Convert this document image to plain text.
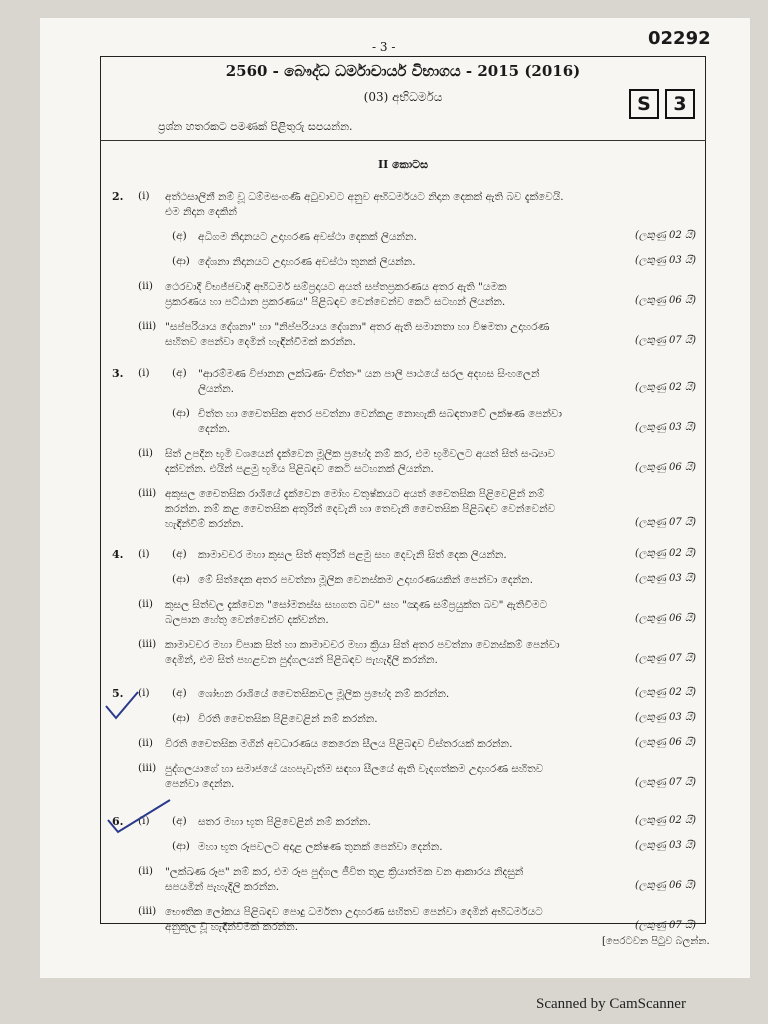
- 3 -	02292
2560 - බෞද්ධ ධර්මාචාර්ය විභාගය - 2015 (2016)
(03) අභිධර්මය	S	3
ප්‍රශ්න හතරකට පමණක් පිළිතුරු සපයන්න.
II කොටස
2. (i) අත්ථසාලිනී නම් වූ ධම්මසංගණී අටුවාවට අනුව අභිධර්මයට නිදාන දෙකක් ඇති බව දැක්වෙයි.
එම නිදාන දෙකින්
(අ) අධිගම නිදානයට උදාහරණ අවස්ථා දෙකක් ලියන්න.	(ලකුණු 02 යි)
(ආ) දේශනා නිදානයට උදාහරණ අවස්ථා තුනක් ලියන්න.	(ලකුණු 03 යි)
(ii) ථෙරවාදී විභජ්ජවාදී අභිධර්ම සම්ප්‍රදායට අයත් සප්තප්‍රකරණය අතර ඇති "යමක
ප්‍රකරණය හා පට්ඨාන ප්‍රකරණය" පිළිබඳව වෙන්වෙන්ව කෙටි සටහන් ලියන්න.	(ලකුණු 06 යි)
(iii) "සප්පරියාය දේශනා" හා "නිප්පරියාය දේශනා" අතර ඇති සමානතා හා විෂමතා උදාහරණ
සහිතව පෙන්වා දෙමින් හැඳින්වීමක් කරන්න.	(ලකුණු 07 යි)
3. (i) (අ) "ආරම්මණ විජානන ලක්ඛණං චිත්තං" යන පාලි පාඨයේ සරල අදහස සිංහලෙන්
ලියන්න.	(ලකුණු 02 යි)
(ආ) චිත්ත හා චෛතසික අතර පවත්නා වෙන්කළ නොහැකි සබඳතාවේ ලක්ෂණ පෙන්වා
දෙන්න.	(ලකුණු 03 යි)
(ii) සිත් උපදින භූමි වශයෙන් දැක්වෙන මූලික ප්‍රභේද නම් කර, එම භූමිවලට අයත් සිත් සංඛ්‍යාව
දක්වන්න. එයින් පළමු භූමිය පිළිබඳව කෙටි සටහනක් ලියන්න.	(ලකුණු 06 යි)
(iii) අකුසල චෛතසික රාශියේ දැක්වෙන මෝහ චතුෂ්කයට අයත් චෛතසික පිළිවෙළින් නම්
කරන්න. නම් කළ චෛතසික අතුරින් දෙවැනි හා තෙවැනි චෛතසික පිළිබඳව වෙන්වෙන්ව
හැඳින්වීම් කරන්න.	(ලකුණු 07 යි)
4. (i) (අ) කාමාවචර මහා කුසල සිත් අතුරින් පළමු සහ දෙවැනි සිත් දෙක ලියන්න.	(ලකුණු 02 යි)
(ආ) මේ සිත්දෙක අතර පවත්නා මූලික වෙනස්කම උදාහරණයකින් පෙන්වා දෙන්න.	(ලකුණු 03 යි)
(ii) කුසල සිත්වල දැක්වෙන "සෝමනස්ස සහගත බව" සහ "ඤාණ සම්ප්‍රයුක්ත බව" ඇතිවීමට
බලපාන හේතු වෙන්වෙන්ව දක්වන්න.	(ලකුණු 06 යි)
(iii) කාමාවචර මහා විපාක සිත් හා කාමාවචර මහා ක්‍රියා සිත් අතර පවත්නා වෙනස්කම් පෙන්වා
දෙමින්, එම සිත් පහළවන පුද්ගලයන් පිළිබඳව පැහැදිලි කරන්න.	(ලකුණු 07 යි)
5. (i) (අ) ශෝභන රාශියේ චෛතසිකවල මූලික ප්‍රභේද නම් කරන්න.	(ලකුණු 02 යි)
(ආ) විරති චෛතසික පිළිවෙළින් නම් කරන්න.	(ලකුණු 03 යි)
(ii) විරති චෛතසික මගින් අවධාරණය කෙරෙන සීලය පිළිබඳව විස්තරයක් කරන්න.	(ලකුණු 06 යි)
(iii) පුද්ගලයාගේ හා සමාජයේ යහපැවැත්ම සඳහා සීලයේ ඇති වැදගත්කම උදාහරණ සහිතව
පෙන්වා දෙන්න.	(ලකුණු 07 යි)
6. (i) (අ) සතර මහා භූත පිළිවෙළින් නම් කරන්න.	(ලකුණු 02 යි)
(ආ) මහා භූත රූපවලට අදාළ ලක්ෂණ තුනක් පෙන්වා දෙන්න.	(ලකුණු 03 යි)
(ii) "ලක්ඛණ රූප" නම් කර, එම රූප පුද්ගල ජීවිත තුළ ක්‍රියාත්මක වන ආකාරය නිදසුන්
සපයමින් පැහැදිලි කරන්න.	(ලකුණු 06 යි)
(iii) භෞතික ලෝකය පිළිබඳව පොදු ධර්මතා උදාහරණ සහිතව පෙන්වා දෙමින් අභිධර්මයට
අනුකූල වූ හැඳින්වීමක් කරන්න.	(ලකුණු 07 යි)
[පෙරටවන පිටුව බලන්න.
Scanned by CamScanner
